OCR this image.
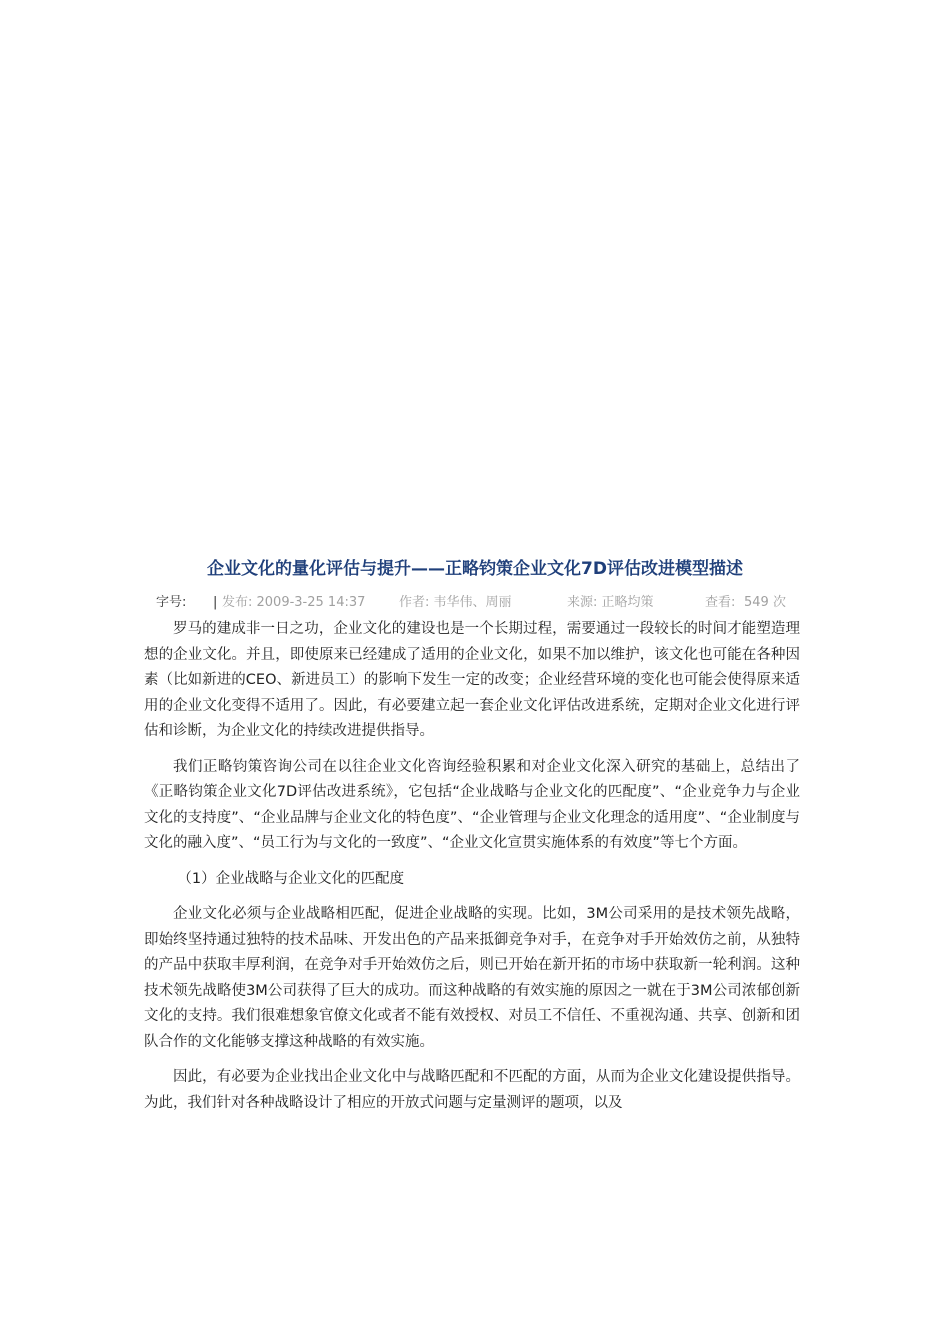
企业文化的量化评估与提升——正略钧策企业文化7D评估改进模型描述
字号: | 发布: 2009-3-25 14:37	作者: 韦华伟、周丽	来源: 正略均策	查看: 549 次

罗马的建成非一日之功，企业文化的建设也是一个长期过程，需要通过一段较长的时间才能塑造理想的企业文化。并且，即使原来已经建成了适用的企业文化，如果不加以维护，该文化也可能在各种因素（比如新进的CEO、新进员工）的影响下发生一定的改变；企业经营环境的变化也可能会使得原来适用的企业文化变得不适用了。因此，有必要建立起一套企业文化评估改进系统，定期对企业文化进行评估和诊断，为企业文化的持续改进提供指导。

我们正略钧策咨询公司在以往企业文化咨询经验积累和对企业文化深入研究的基础上，总结出了《正略钧策企业文化7D评估改进系统》，它包括“企业战略与企业文化的匹配度”、“企业竞争力与企业文化的支持度”、“企业品牌与企业文化的特色度”、“企业管理与企业文化理念的适用度”、“企业制度与文化的融入度”、“员工行为与文化的一致度”、“企业文化宣贯实施体系的有效度”等七个方面。

（1）企业战略与企业文化的匹配度

企业文化必须与企业战略相匹配，促进企业战略的实现。比如，3M公司采用的是技术领先战略，即始终坚持通过独特的技术品味、开发出色的产品来抵御竞争对手，在竞争对手开始效仿之前，从独特的产品中获取丰厚利润，在竞争对手开始效仿之后，则已开始在新开拓的市场中获取新一轮利润。这种技术领先战略使3M公司获得了巨大的成功。而这种战略的有效实施的原因之一就在于3M公司浓郁创新文化的支持。我们很难想象官僚文化或者不能有效授权、对员工不信任、不重视沟通、共享、创新和团队合作的文化能够支撑这种战略的有效实施。

因此，有必要为企业找出企业文化中与战略匹配和不匹配的方面，从而为企业文化建设提供指导。为此，我们针对各种战略设计了相应的开放式问题与定量测评的题项，以及
